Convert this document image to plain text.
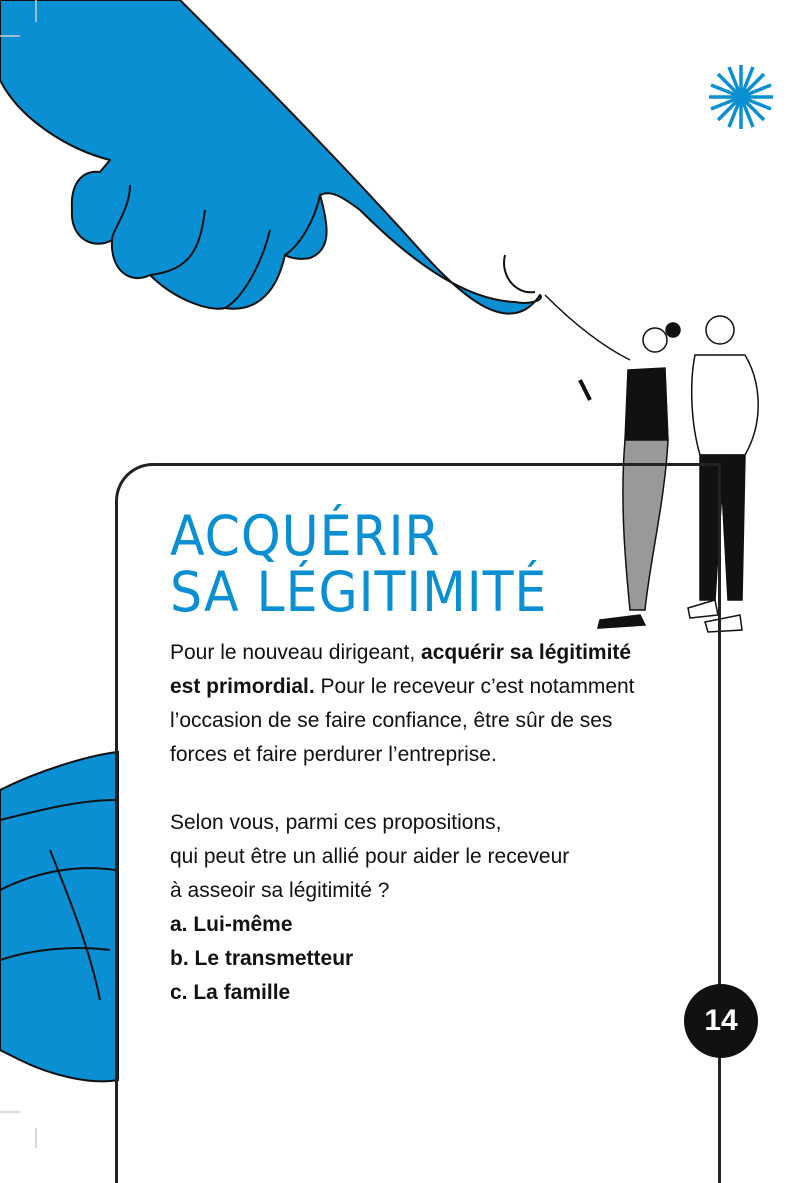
ACQUÉRIR
SA LÉGITIMITÉ

Pour le nouveau dirigeant, acquérir sa légitimité est primordial. Pour le receveur c’est notamment l’occasion de se faire confiance, être sûr de ses forces et faire perdurer l’entreprise.

Selon vous, parmi ces propositions,

qui peut être un allié pour aider le receveur

à asseoir sa légitimité ?

a. Lui-même

b. Le transmetteur

c. La famille

14
